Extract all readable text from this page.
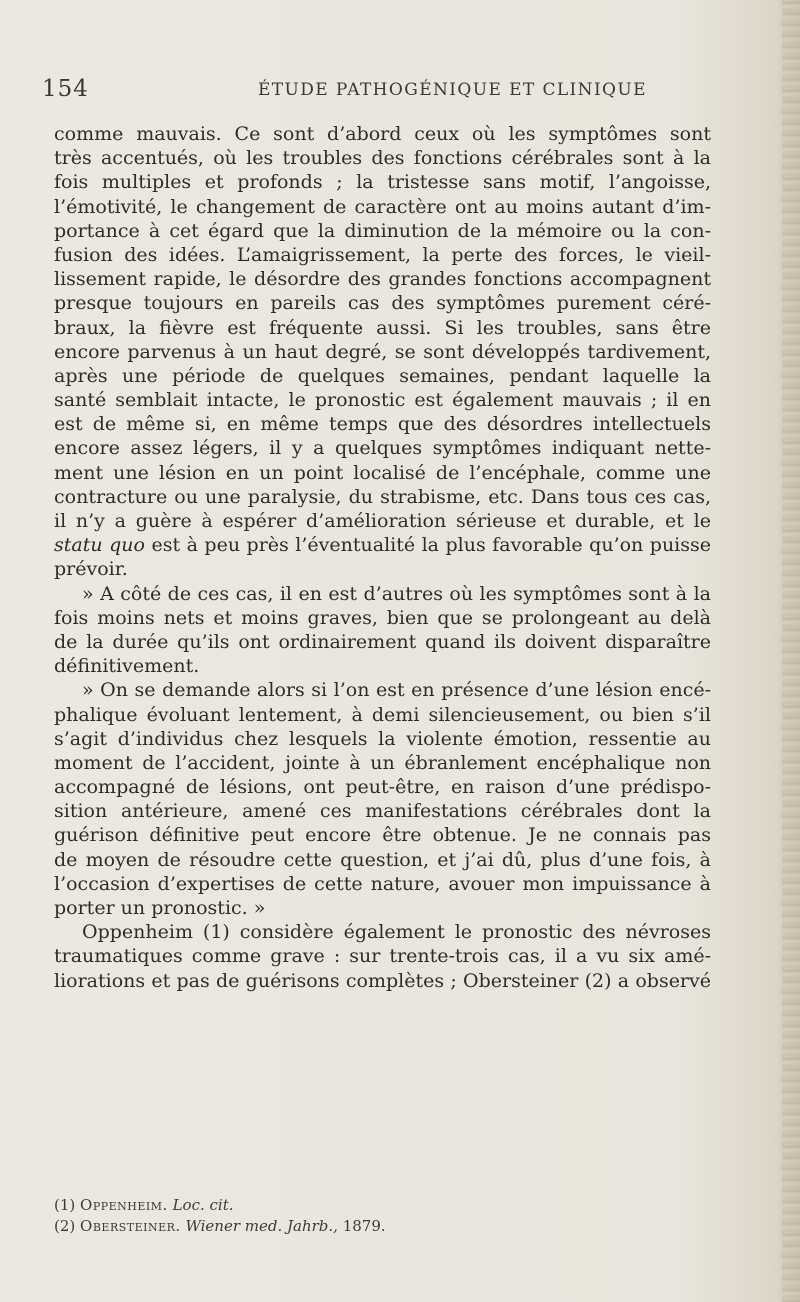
154	ÉTUDE PATHOGÉNIQUE ET CLINIQUE
comme mauvais. Ce sont d’abord ceux où les symptômes sont
très accentués, où les troubles des fonctions cérébrales sont à la
fois multiples et profonds ; la tristesse sans motif, l’angoisse,
l’émotivité, le changement de caractère ont au moins autant d’im-
portance à cet égard que la diminution de la mémoire ou la con-
fusion des idées. L’amaigrissement, la perte des forces, le vieil-
lissement rapide, le désordre des grandes fonctions accompagnent
presque toujours en pareils cas des symptômes purement céré-
braux, la fièvre est fréquente aussi. Si les troubles, sans être
encore parvenus à un haut degré, se sont développés tardivement,
après une période de quelques semaines, pendant laquelle la
santé semblait intacte, le pronostic est également mauvais ; il en
est de même si, en même temps que des désordres intellectuels
encore assez légers, il y a quelques symptômes indiquant nette-
ment une lésion en un point localisé de l’encéphale, comme une
contracture ou une paralysie, du strabisme, etc. Dans tous ces cas,
il n’y a guère à espérer d’amélioration sérieuse et durable, et le
statu quo est à peu près l’éventualité la plus favorable qu’on puisse
prévoir.
» A côté de ces cas, il en est d’autres où les symptômes sont à la
fois moins nets et moins graves, bien que se prolongeant au delà
de la durée qu’ils ont ordinairement quand ils doivent disparaître
définitivement.
» On se demande alors si l’on est en présence d’une lésion encé-
phalique évoluant lentement, à demi silencieusement, ou bien s’il
s’agit d’individus chez lesquels la violente émotion, ressentie au
moment de l’accident, jointe à un ébranlement encéphalique non
accompagné de lésions, ont peut-être, en raison d’une prédispo-
sition antérieure, amené ces manifestations cérébrales dont la
guérison définitive peut encore être obtenue. Je ne connais pas
de moyen de résoudre cette question, et j’ai dû, plus d’une fois, à
l’occasion d’expertises de cette nature, avouer mon impuissance à
porter un pronostic. »
Oppenheim (1) considère également le pronostic des névroses
traumatiques comme grave : sur trente-trois cas, il a vu six amé-
liorations et pas de guérisons complètes ; Obersteiner (2) a observé
(1) Oppenheim. Loc. cit.
(2) Obersteiner. Wiener med. Jahrb., 1879.
